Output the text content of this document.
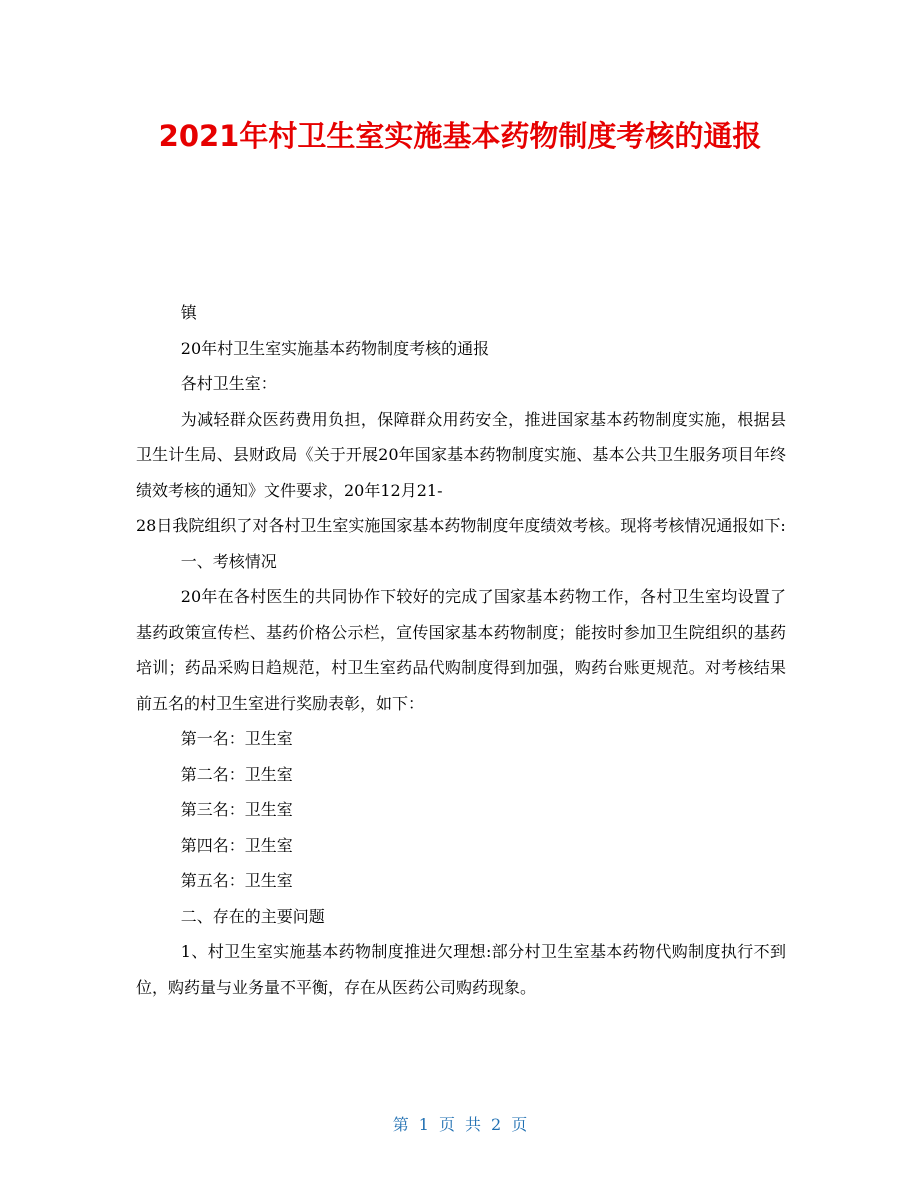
2021年村卫生室实施基本药物制度考核的通报

镇

20年村卫生室实施基本药物制度考核的通报

各村卫生室：

为减轻群众医药费用负担，保障群众用药安全，推进国家基本药物制度实施，根据县卫生计生局、县财政局《关于开展20年国家基本药物制度实施、基本公共卫生服务项目年终绩效考核的通知》文件要求，20年12月21-

28日我院组织了对各村卫生室实施国家基本药物制度年度绩效考核。现将考核情况通报如下:

一、考核情况

20年在各村医生的共同协作下较好的完成了国家基本药物工作，各村卫生室均设置了基药政策宣传栏、基药价格公示栏，宣传国家基本药物制度；能按时参加卫生院组织的基药培训；药品采购日趋规范，村卫生室药品代购制度得到加强，购药台账更规范。对考核结果前五名的村卫生室进行奖励表彰，如下：

第一名：卫生室

第二名：卫生室

第三名：卫生室

第四名：卫生室

第五名：卫生室

二、存在的主要问题

1、村卫生室实施基本药物制度推进欠理想:部分村卫生室基本药物代购制度执行不到位，购药量与业务量不平衡，存在从医药公司购药现象。

第 1 页 共 2 页
